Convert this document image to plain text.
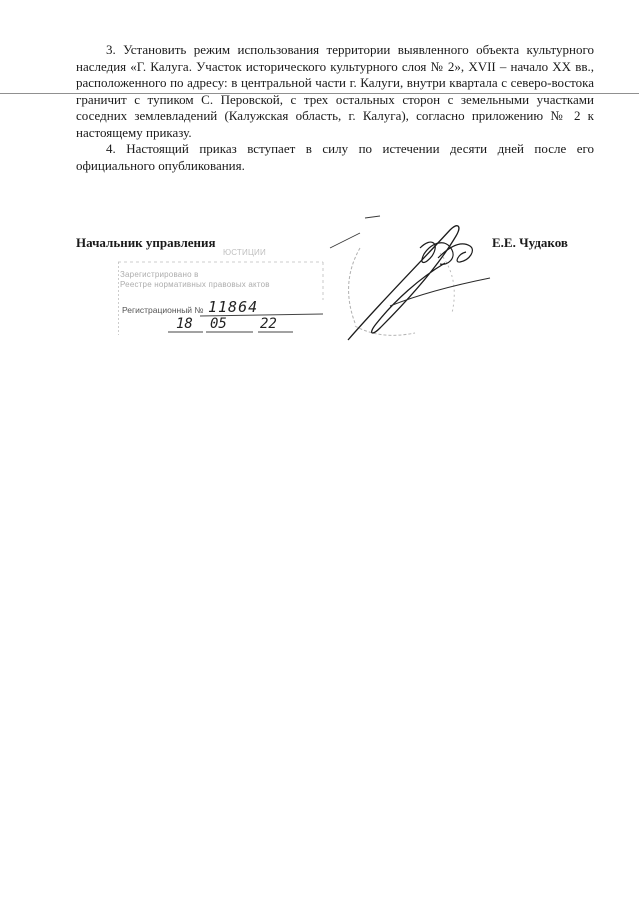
3. Установить режим использования территории выявленного объекта культурного наследия «Г. Калуга. Участок исторического культурного слоя № 2», XVII – начало XX вв., расположенного по адресу: в центральной части г. Калуги, внутри квартала с северо-востока граничит с тупиком С. Перовской, с трех остальных сторон с земельными участками соседних землевладений (Калужская область, г. Калуга), согласно приложению № 2 к настоящему приказу.

4. Настоящий приказ вступает в силу по истечении десяти дней после его официального опубликования.

Начальник управления	Е.Е. Чудаков
ЮСТИЦИИ
Зарегистрировано в
Реестре нормативных правовых актов
Регистрационный № 11864
18 05 22
